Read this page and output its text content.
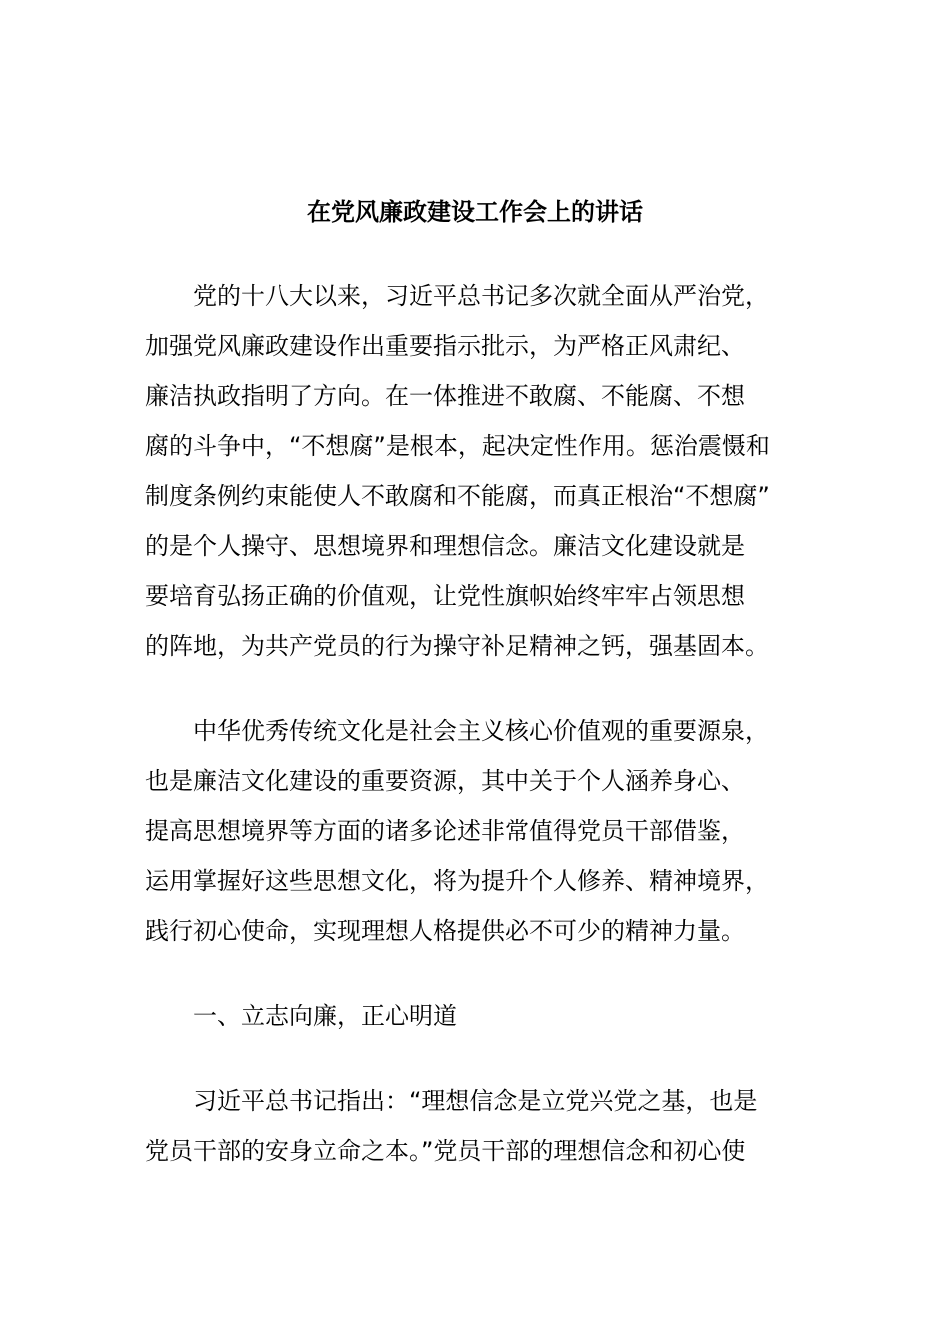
在党风廉政建设工作会上的讲话
　　党的十八大以来，习近平总书记多次就全面从严治党，
加强党风廉政建设作出重要指示批示，为严格正风肃纪、
廉洁执政指明了方向。在一体推进不敢腐、不能腐、不想
腐的斗争中，“不想腐”是根本，起决定性作用。惩治震慑和
制度条例约束能使人不敢腐和不能腐，而真正根治“不想腐”
的是个人操守、思想境界和理想信念。廉洁文化建设就是
要培育弘扬正确的价值观，让党性旗帜始终牢牢占领思想
的阵地，为共产党员的行为操守补足精神之钙，强基固本。
　　中华优秀传统文化是社会主义核心价值观的重要源泉，
也是廉洁文化建设的重要资源，其中关于个人涵养身心、
提高思想境界等方面的诸多论述非常值得党员干部借鉴，
运用掌握好这些思想文化，将为提升个人修养、精神境界，
践行初心使命，实现理想人格提供必不可少的精神力量。
　　一、立志向廉，正心明道
　　习近平总书记指出：“理想信念是立党兴党之基，也是
党员干部的安身立命之本。”党员干部的理想信念和初心使
